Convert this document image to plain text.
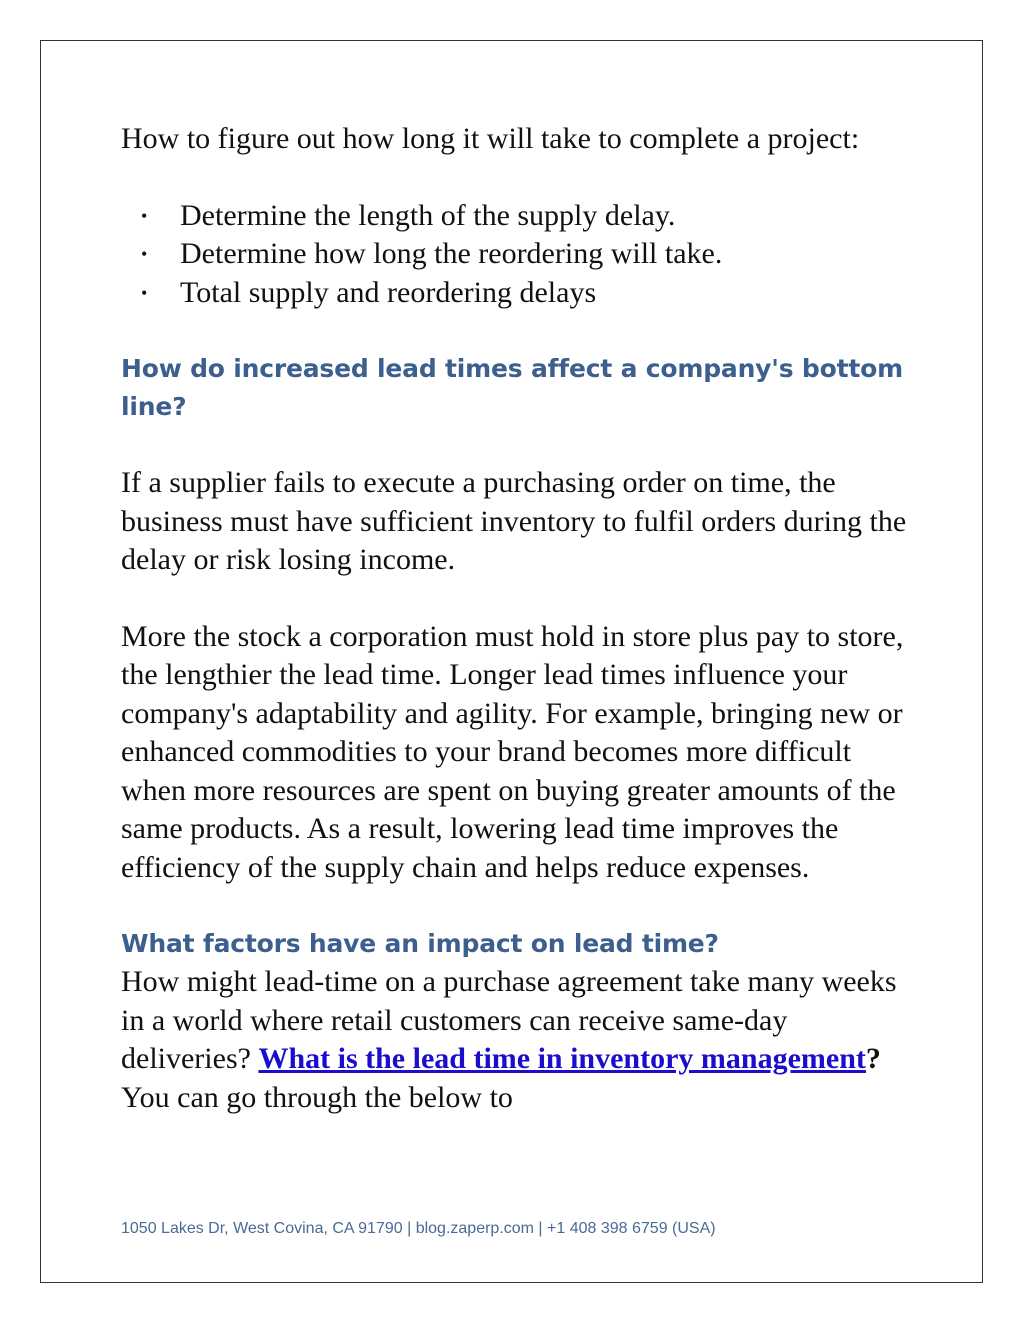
How to figure out how long it will take to complete a project:

• Determine the length of the supply delay.
• Determine how long the reordering will take.
• Total supply and reordering delays
How do increased lead times affect a company's bottom line?

If a supplier fails to execute a purchasing order on time, the business must have sufficient inventory to fulfil orders during the delay or risk losing income.

More the stock a corporation must hold in store plus pay to store, the lengthier the lead time. Longer lead times influence your company's adaptability and agility. For example, bringing new or enhanced commodities to your brand becomes more difficult when more resources are spent on buying greater amounts of the same products. As a result, lowering lead time improves the efficiency of the supply chain and helps reduce expenses.

What factors have an impact on lead time?

How might lead-time on a purchase agreement take many weeks in a world where retail customers can receive same-day deliveries? What is the lead time in inventory management? You can go through the below to

1050 Lakes Dr, West Covina, CA 91790 | blog.zaperp.com | +1 408 398 6759 (USA)
